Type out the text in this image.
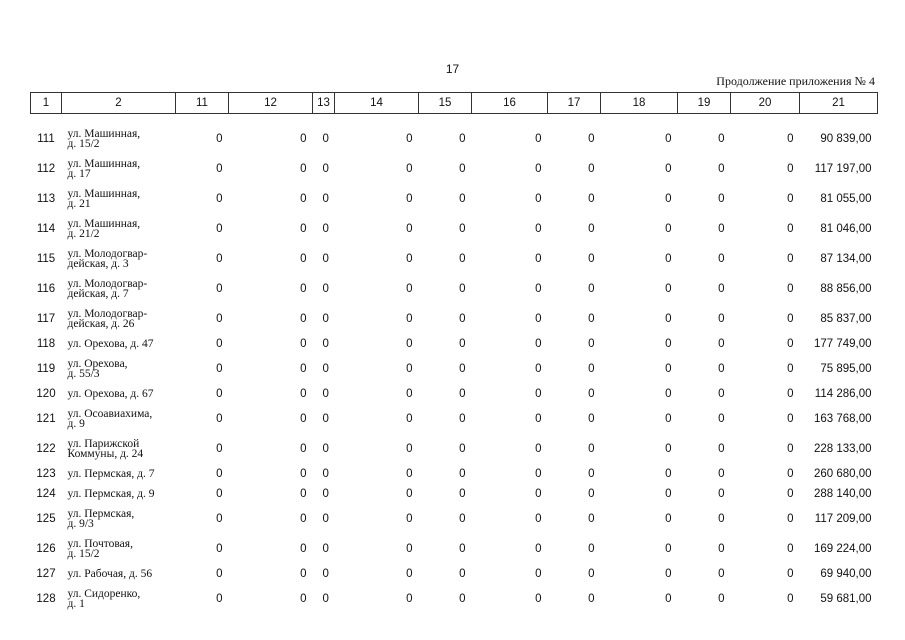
17
Продолжение приложения № 4
1	2	11	12	13	14	15	16	17	18	19	20	21

111	ул. Машинная,
д. 15/2	0	0	0	0	0	0	0	0	0	0	90 839,00
112	ул. Машинная,
д. 17	0	0	0	0	0	0	0	0	0	0	117 197,00
113	ул. Машинная,
д. 21	0	0	0	0	0	0	0	0	0	0	81 055,00
114	ул. Машинная,
д. 21/2	0	0	0	0	0	0	0	0	0	0	81 046,00
115	ул. Молодогвар-
дейская, д. 3	0	0	0	0	0	0	0	0	0	0	87 134,00
116	ул. Молодогвар-
дейская, д. 7	0	0	0	0	0	0	0	0	0	0	88 856,00
117	ул. Молодогвар-
дейская, д. 26	0	0	0	0	0	0	0	0	0	0	85 837,00
118	ул. Орехова, д. 47	0	0	0	0	0	0	0	0	0	0	177 749,00
119	ул. Орехова,
д. 55/3	0	0	0	0	0	0	0	0	0	0	75 895,00
120	ул. Орехова, д. 67	0	0	0	0	0	0	0	0	0	0	114 286,00
121	ул. Осоавиахима,
д. 9	0	0	0	0	0	0	0	0	0	0	163 768,00
122	ул. Парижской
Коммуны, д. 24	0	0	0	0	0	0	0	0	0	0	228 133,00
123	ул. Пермская, д. 7	0	0	0	0	0	0	0	0	0	0	260 680,00
124	ул. Пермская, д. 9	0	0	0	0	0	0	0	0	0	0	288 140,00
125	ул. Пермская,
д. 9/3	0	0	0	0	0	0	0	0	0	0	117 209,00
126	ул. Почтовая,
д. 15/2	0	0	0	0	0	0	0	0	0	0	169 224,00
127	ул. Рабочая, д. 56	0	0	0	0	0	0	0	0	0	0	69 940,00
128	ул. Сидоренко,
д. 1	0	0	0	0	0	0	0	0	0	0	59 681,00
